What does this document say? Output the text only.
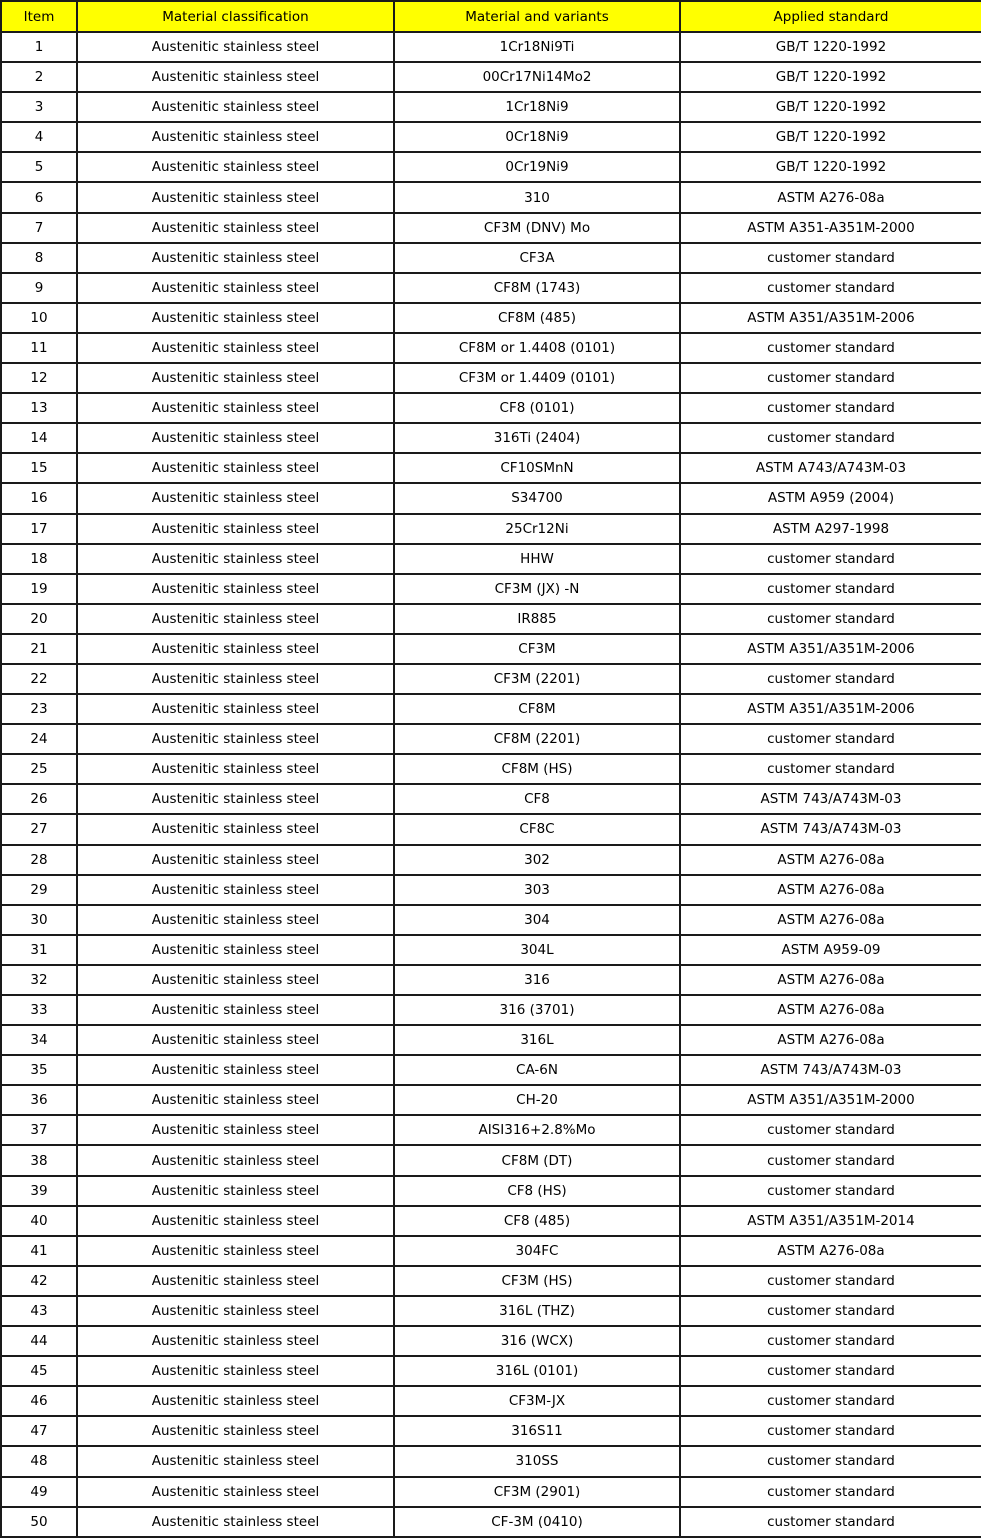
Item	Material classification	Material and variants	Applied standard
1	Austenitic stainless steel	1Cr18Ni9Ti	GB/T 1220-1992
2	Austenitic stainless steel	00Cr17Ni14Mo2	GB/T 1220-1992
3	Austenitic stainless steel	1Cr18Ni9	GB/T 1220-1992
4	Austenitic stainless steel	0Cr18Ni9	GB/T 1220-1992
5	Austenitic stainless steel	0Cr19Ni9	GB/T 1220-1992
6	Austenitic stainless steel	310	ASTM A276-08a
7	Austenitic stainless steel	CF3M (DNV) Mo	ASTM A351-A351M-2000
8	Austenitic stainless steel	CF3A	customer standard
9	Austenitic stainless steel	CF8M (1743)	customer standard
10	Austenitic stainless steel	CF8M (485)	ASTM A351/A351M-2006
11	Austenitic stainless steel	CF8M or 1.4408 (0101)	customer standard
12	Austenitic stainless steel	CF3M or 1.4409 (0101)	customer standard
13	Austenitic stainless steel	CF8 (0101)	customer standard
14	Austenitic stainless steel	316Ti (2404)	customer standard
15	Austenitic stainless steel	CF10SMnN	ASTM A743/A743M-03
16	Austenitic stainless steel	S34700	ASTM A959 (2004)
17	Austenitic stainless steel	25Cr12Ni	ASTM A297-1998
18	Austenitic stainless steel	HHW	customer standard
19	Austenitic stainless steel	CF3M (JX) -N	customer standard
20	Austenitic stainless steel	IR885	customer standard
21	Austenitic stainless steel	CF3M	ASTM A351/A351M-2006
22	Austenitic stainless steel	CF3M (2201)	customer standard
23	Austenitic stainless steel	CF8M	ASTM A351/A351M-2006
24	Austenitic stainless steel	CF8M (2201)	customer standard
25	Austenitic stainless steel	CF8M (HS)	customer standard
26	Austenitic stainless steel	CF8	ASTM 743/A743M-03
27	Austenitic stainless steel	CF8C	ASTM 743/A743M-03
28	Austenitic stainless steel	302	ASTM A276-08a
29	Austenitic stainless steel	303	ASTM A276-08a
30	Austenitic stainless steel	304	ASTM A276-08a
31	Austenitic stainless steel	304L	ASTM A959-09
32	Austenitic stainless steel	316	ASTM A276-08a
33	Austenitic stainless steel	316 (3701)	ASTM A276-08a
34	Austenitic stainless steel	316L	ASTM A276-08a
35	Austenitic stainless steel	CA-6N	ASTM 743/A743M-03
36	Austenitic stainless steel	CH-20	ASTM A351/A351M-2000
37	Austenitic stainless steel	AISI316+2.8%Mo	customer standard
38	Austenitic stainless steel	CF8M (DT)	customer standard
39	Austenitic stainless steel	CF8 (HS)	customer standard
40	Austenitic stainless steel	CF8 (485)	ASTM A351/A351M-2014
41	Austenitic stainless steel	304FC	ASTM A276-08a
42	Austenitic stainless steel	CF3M (HS)	customer standard
43	Austenitic stainless steel	316L (THZ)	customer standard
44	Austenitic stainless steel	316 (WCX)	customer standard
45	Austenitic stainless steel	316L (0101)	customer standard
46	Austenitic stainless steel	CF3M-JX	customer standard
47	Austenitic stainless steel	316S11	customer standard
48	Austenitic stainless steel	310SS	customer standard
49	Austenitic stainless steel	CF3M (2901)	customer standard
50	Austenitic stainless steel	CF-3M (0410)	customer standard
